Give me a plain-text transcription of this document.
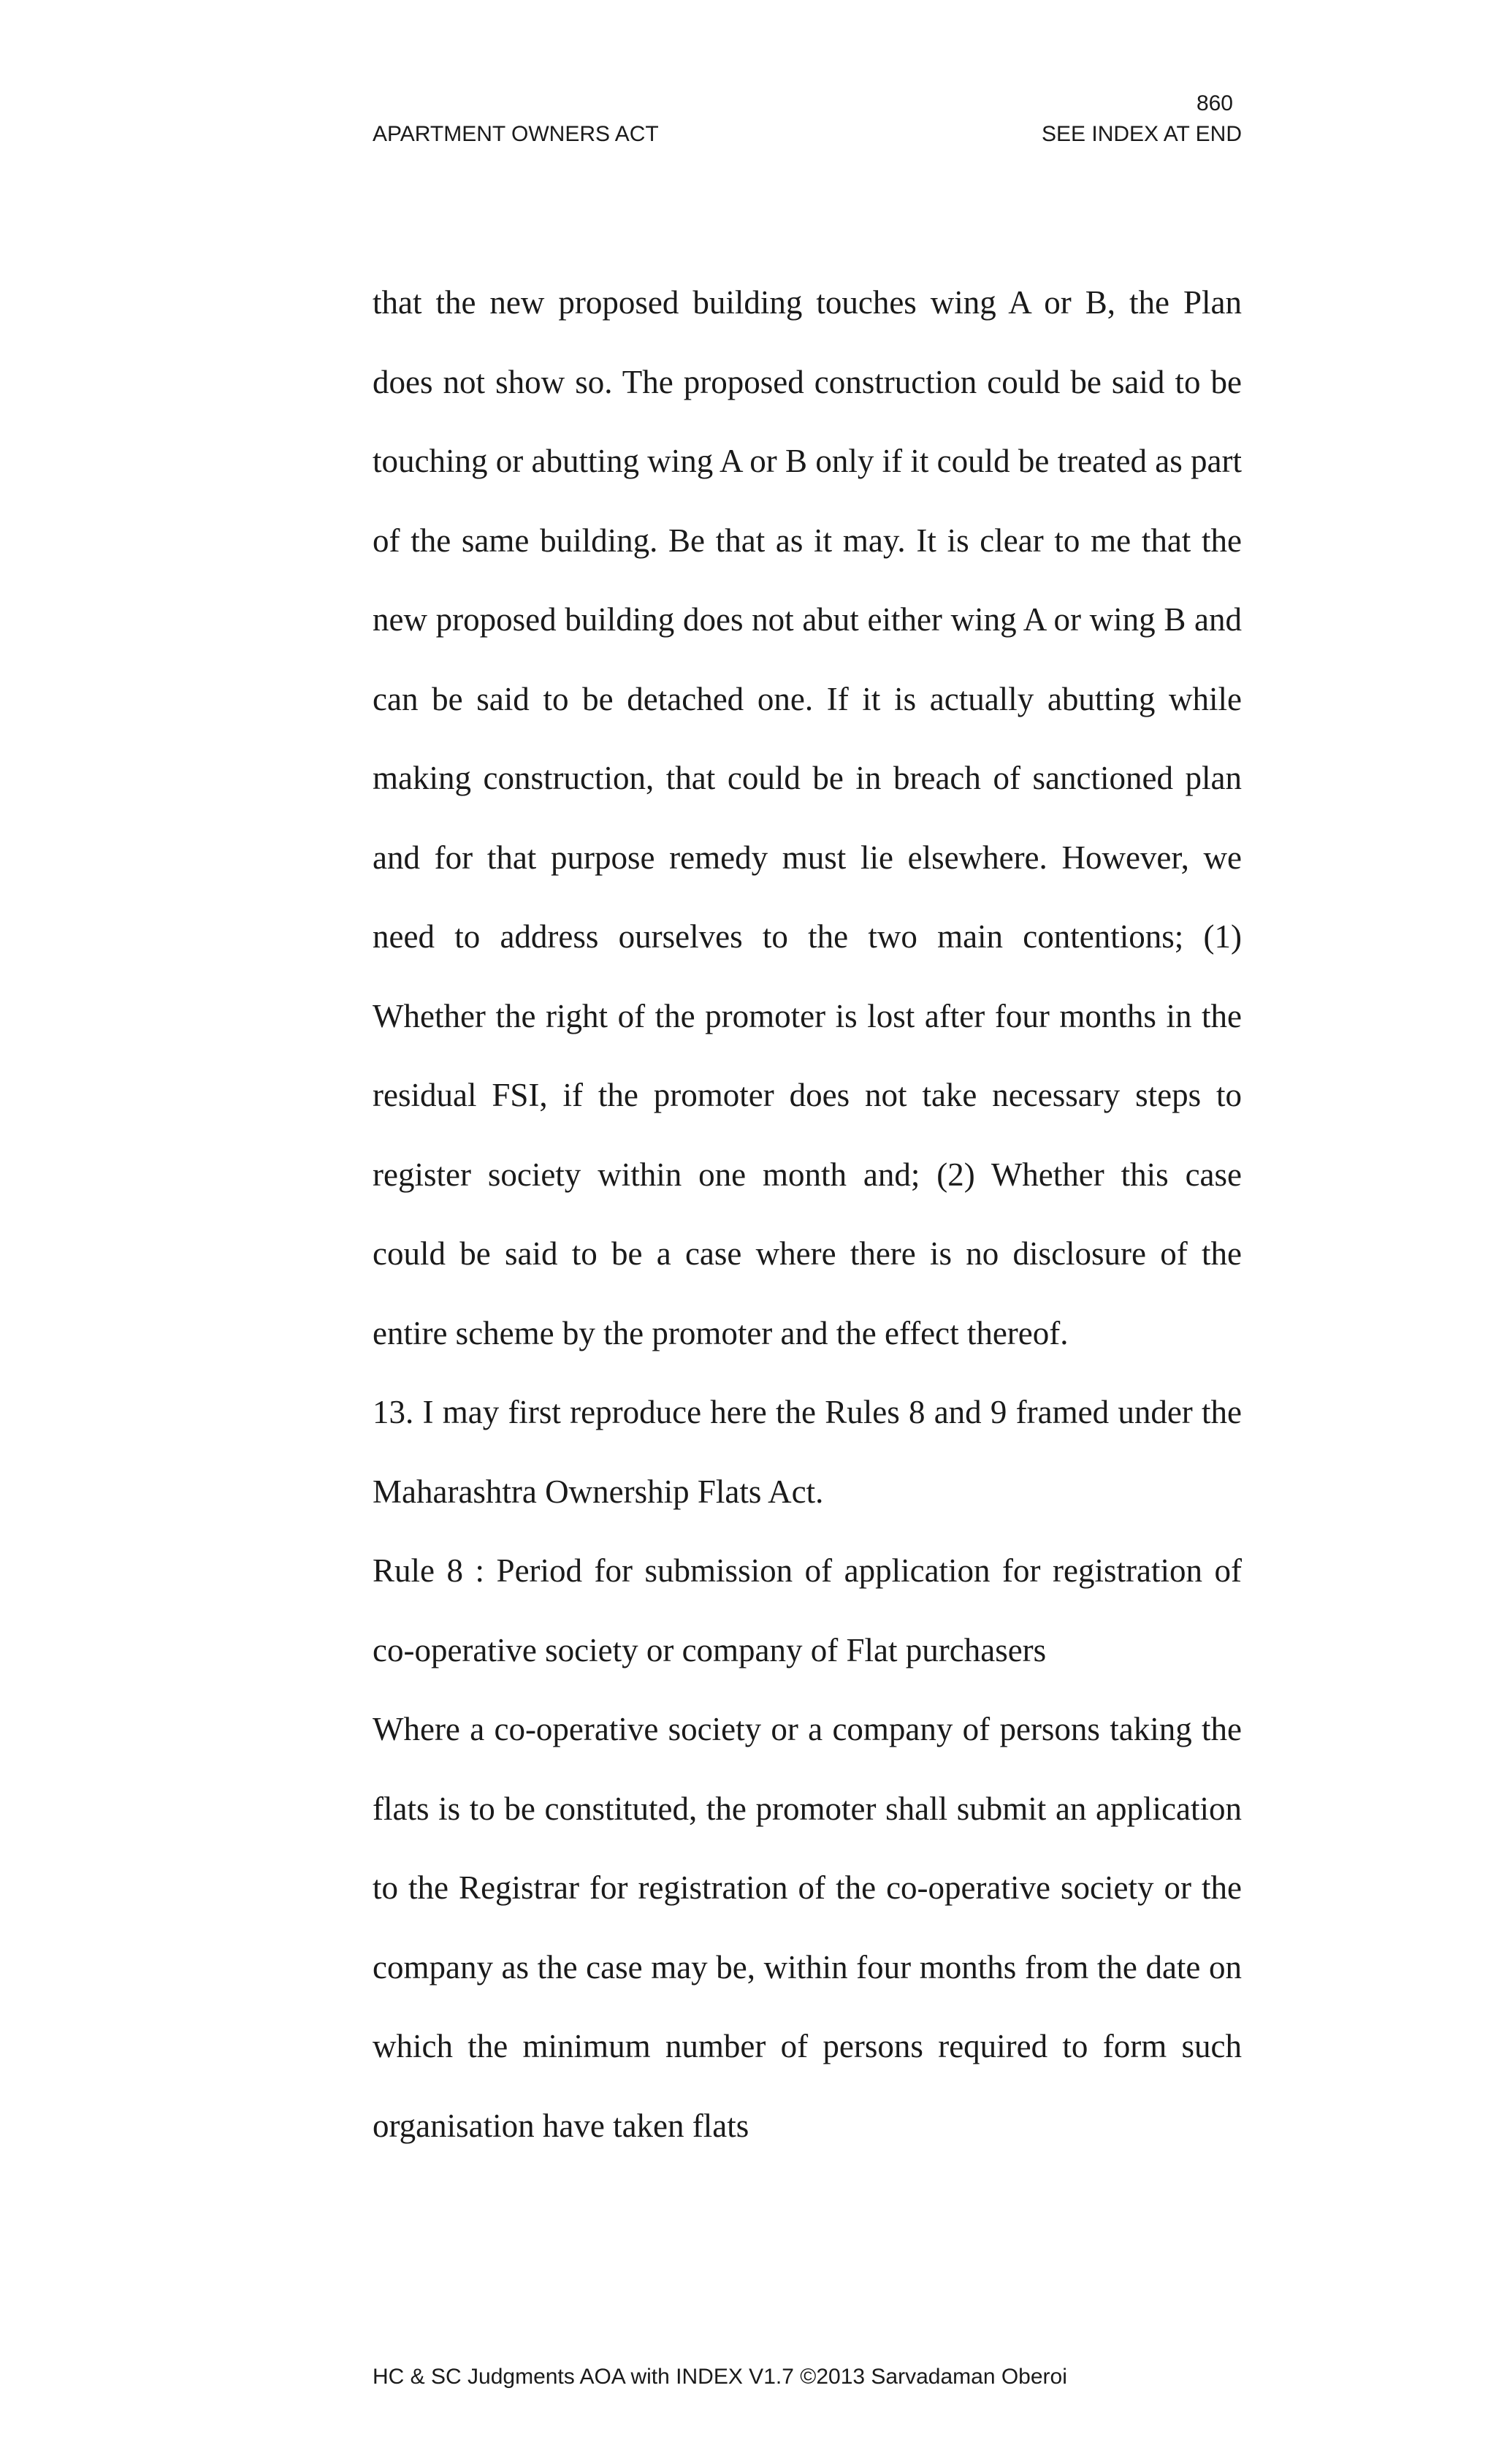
860
APARTMENT OWNERS ACT	SEE INDEX AT END

that the new proposed building touches wing A or B, the Plan does not show so. The proposed construction could be said to be touching or abutting wing A or B only if it could be treated as part of the same building. Be that as it may. It is clear to me that the new proposed building does not abut either wing A or wing B and can be said to be detached one. If it is actually abutting while making construction, that could be in breach of sanctioned plan and for that purpose remedy must lie elsewhere. However, we need to address ourselves to the two main contentions; (1) Whether the right of the promoter is lost after four months in the residual FSI, if the promoter does not take necessary steps to register society within one month and; (2) Whether this case could be said to be a case where there is no disclosure of the entire scheme by the promoter and the effect thereof.

13. I may first reproduce here the Rules 8 and 9 framed under the Maharashtra Ownership Flats Act.

Rule 8 : Period for submission of application for registration of co-operative society or company of Flat purchasers

Where a co-operative society or a company of persons taking the flats is to be constituted, the promoter shall submit an application to the Registrar for registration of the co-operative society or the company as the case may be, within four months from the date on which the minimum number of persons required to form such organisation have taken flats

HC & SC Judgments AOA with INDEX V1.7 ©2013 Sarvadaman Oberoi
